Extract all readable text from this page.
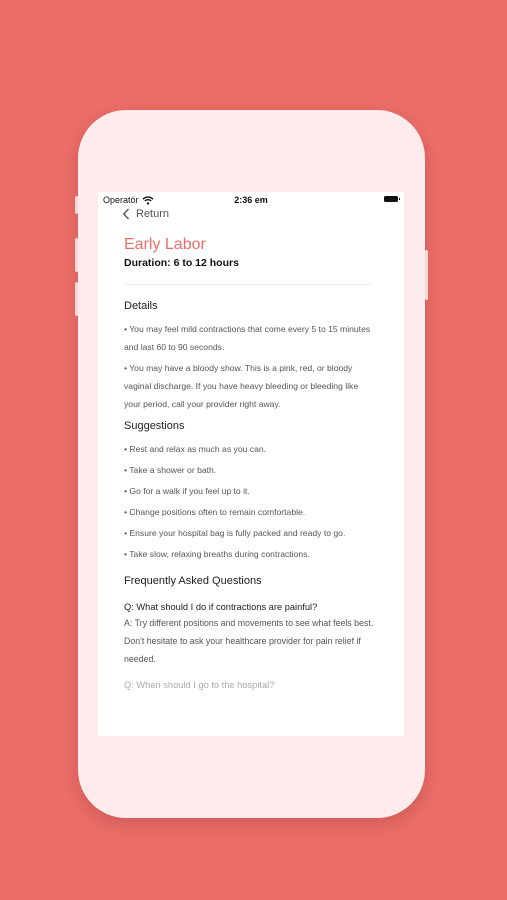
Operatör	2:36 em
Return
Early Labor
Duration: 6 to 12 hours
Details

• You may feel mild contractions that come every 5 to 15 minutes and last 60 to 90 seconds.

• You may have a bloody show. This is a pink, red, or bloody vaginal discharge. If you have heavy bleeding or bleeding like your period, call your provider right away.

Suggestions

• Rest and relax as much as you can.

• Take a shower or bath.

• Go for a walk if you feel up to it.

• Change positions often to remain comfortable.

• Ensure your hospital bag is fully packed and ready to go.

• Take slow, relaxing breaths during contractions.

Frequently Asked Questions

Q: What should I do if contractions are painful?

A: Try different positions and movements to see what feels best. Don't hesitate to ask your healthcare provider for pain relief if needed.

Q: When should I go to the hospital?
